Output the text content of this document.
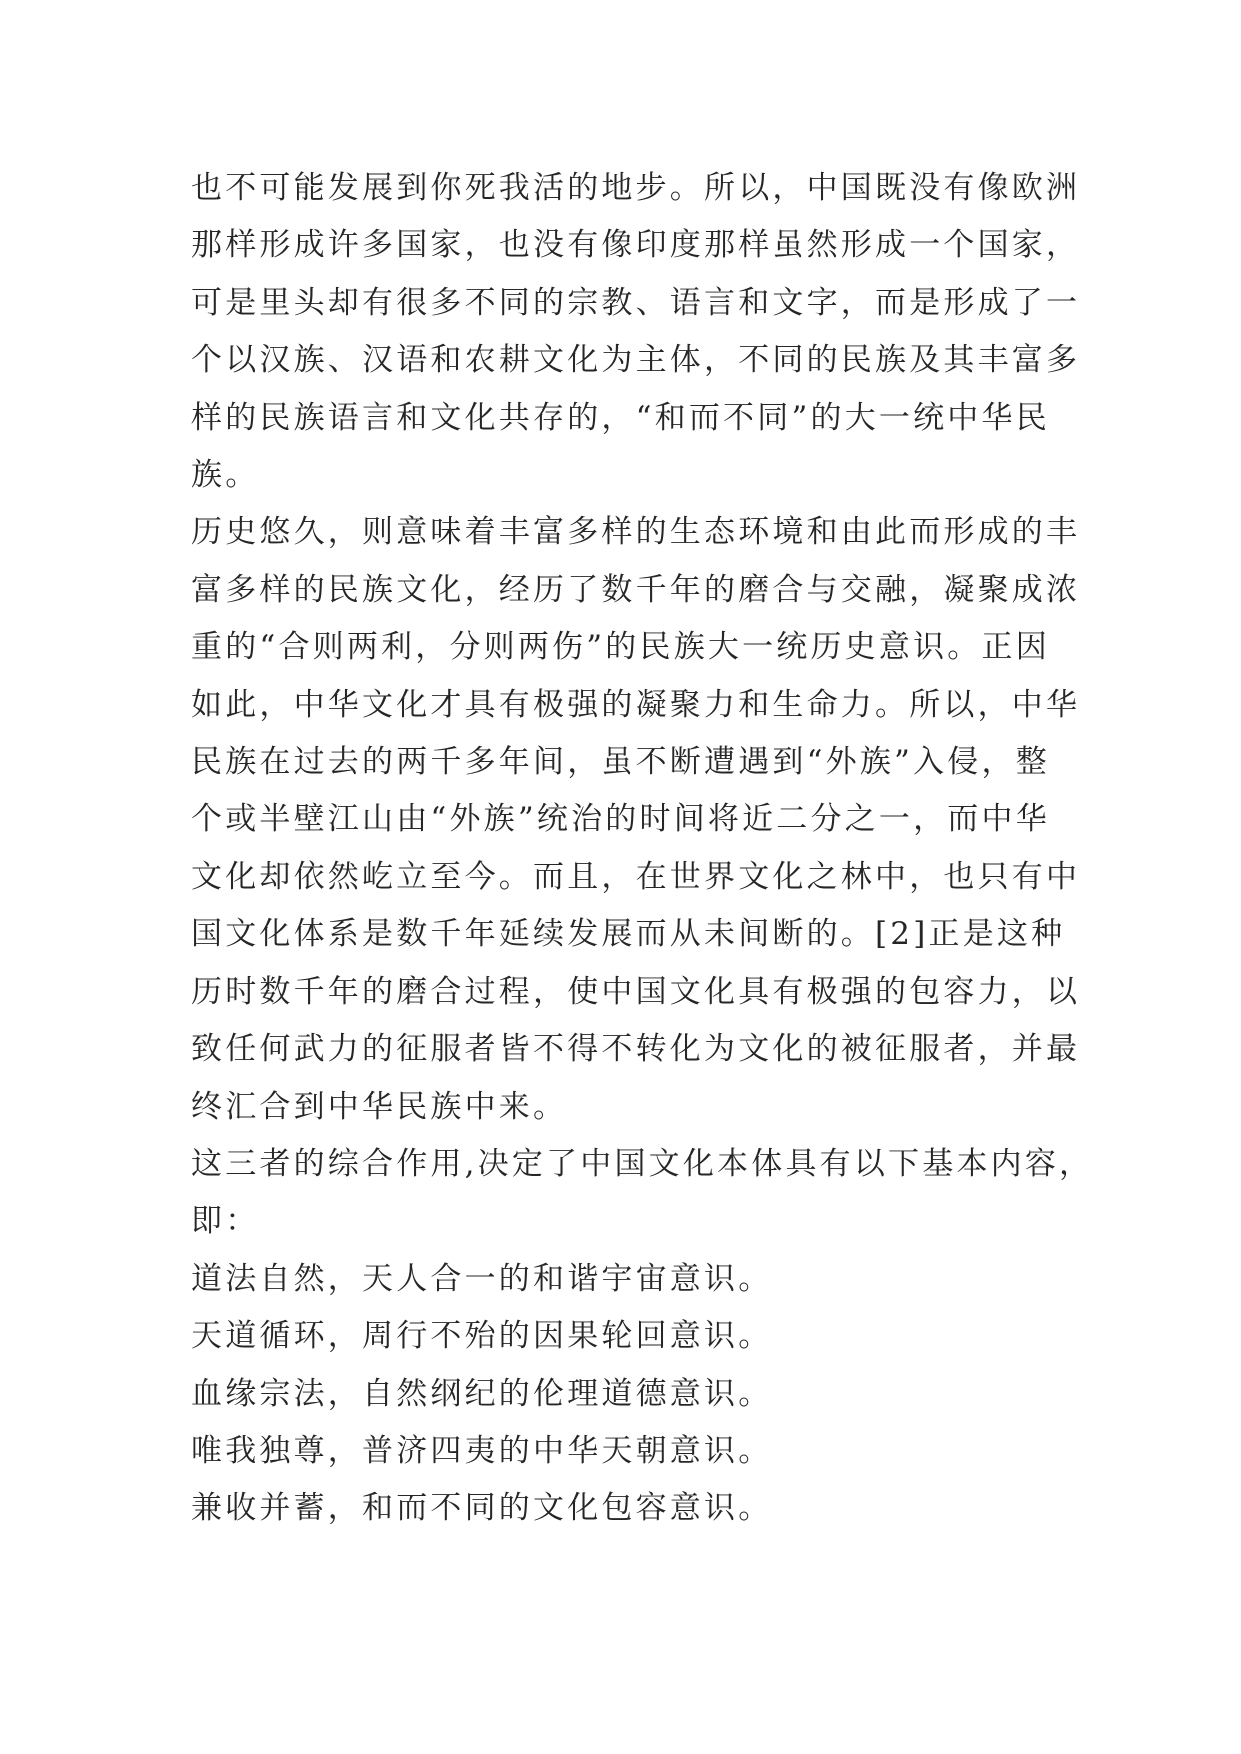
也不可能发展到你死我活的地步。所以，中国既没有像欧洲
那样形成许多国家，也没有像印度那样虽然形成一个国家，
可是里头却有很多不同的宗教、语言和文字，而是形成了一
个以汉族、汉语和农耕文化为主体，不同的民族及其丰富多
样的民族语言和文化共存的，“和而不同”的大一统中华民
族。

历史悠久，则意味着丰富多样的生态环境和由此而形成的丰
富多样的民族文化，经历了数千年的磨合与交融，凝聚成浓
重的“合则两利，分则两伤”的民族大一统历史意识。正因
如此，中华文化才具有极强的凝聚力和生命力。所以，中华
民族在过去的两千多年间，虽不断遭遇到“外族”入侵，整
个或半壁江山由“外族”统治的时间将近二分之一，而中华
文化却依然屹立至今。而且，在世界文化之林中，也只有中
国文化体系是数千年延续发展而从未间断的。[2]正是这种
历时数千年的磨合过程，使中国文化具有极强的包容力，以
致任何武力的征服者皆不得不转化为文化的被征服者，并最
终汇合到中华民族中来。

这三者的综合作用,决定了中国文化本体具有以下基本内容，
即：

道法自然，天人合一的和谐宇宙意识。

天道循环，周行不殆的因果轮回意识。

血缘宗法，自然纲纪的伦理道德意识。

唯我独尊，普济四夷的中华天朝意识。

兼收并蓄，和而不同的文化包容意识。
